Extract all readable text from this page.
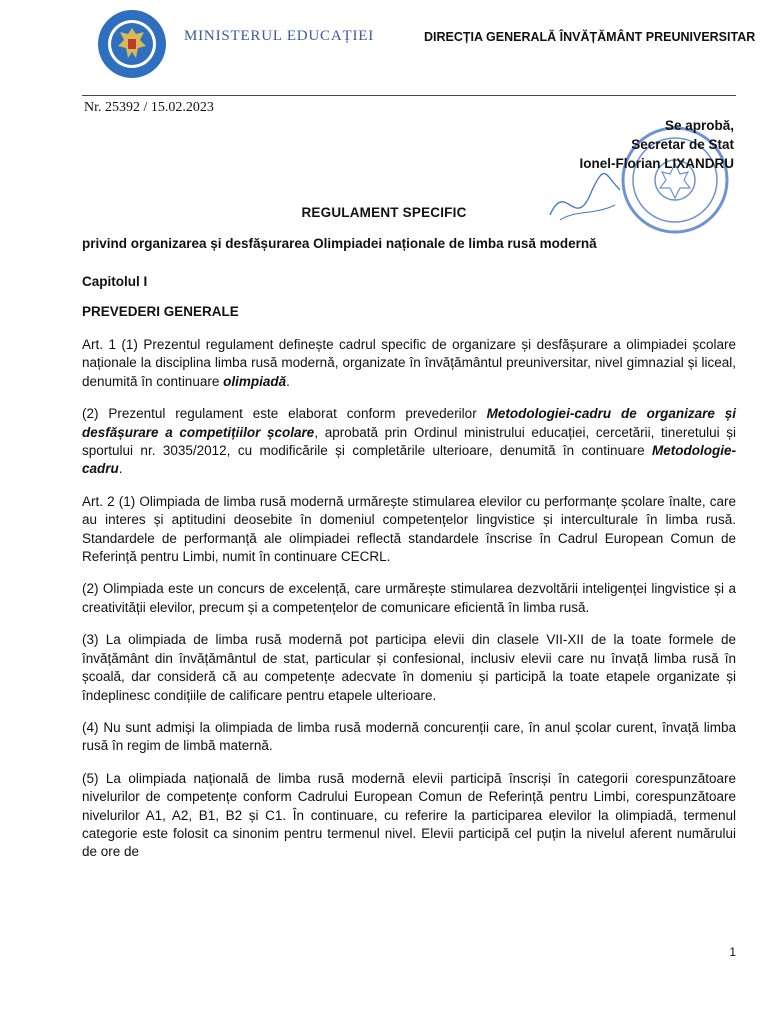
MINISTERUL EDUCAȚIEI	DIRECȚIA GENERALĂ ÎNVĂȚĂMÂNT PREUNIVERSITAR
Nr. 25392 / 15.02.2023
Se aprobă,
Secretar de Stat
Ionel-Florian LIXANDRU
REGULAMENT SPECIFIC
privind organizarea și desfășurarea Olimpiadei naționale de limba rusă modernă
Capitolul I
PREVEDERI GENERALE

Art. 1 (1) Prezentul regulament definește cadrul specific de organizare și desfășurare a olimpiadei școlare naționale la disciplina limba rusă modernă, organizate în învățământul preuniversitar, nivel gimnazial și liceal, denumită în continuare olimpiadă.

(2) Prezentul regulament este elaborat conform prevederilor Metodologiei-cadru de organizare și desfășurare a competițiilor școlare, aprobată prin Ordinul ministrului educației, cercetării, tineretului și sportului nr. 3035/2012, cu modificările și completările ulterioare, denumită în continuare Metodologie-cadru.

Art. 2 (1) Olimpiada de limba rusă modernă urmărește stimularea elevilor cu performanțe școlare înalte, care au interes și aptitudini deosebite în domeniul competențelor lingvistice și interculturale în limba rusă. Standardele de performanță ale olimpiadei reflectă standardele înscrise în Cadrul European Comun de Referință pentru Limbi, numit în continuare CECRL.

(2) Olimpiada este un concurs de excelență, care urmărește stimularea dezvoltării inteligenței lingvistice și a creativității elevilor, precum și a competențelor de comunicare eficientă în limba rusă.

(3) La olimpiada de limba rusă modernă pot participa elevii din clasele VII-XII de la toate formele de învățământ din învățământul de stat, particular și confesional, inclusiv elevii care nu învață limba rusă în școală, dar consideră că au competențe adecvate în domeniu și participă la toate etapele organizate și îndeplinesc condițiile de calificare pentru etapele ulterioare.

(4) Nu sunt admiși la olimpiada de limba rusă modernă concurenții care, în anul școlar curent, învață limba rusă în regim de limbă maternă.

(5) La olimpiada națională de limba rusă modernă elevii participă înscriși în categorii corespunzătoare nivelurilor de competențe conform Cadrului European Comun de Referință pentru Limbi, corespunzătoare nivelurilor A1, A2, B1, B2 și C1. În continuare, cu referire la participarea elevilor la olimpiadă, termenul categorie este folosit ca sinonim pentru termenul nivel. Elevii participă cel puțin la nivelul aferent numărului de ore de

1
